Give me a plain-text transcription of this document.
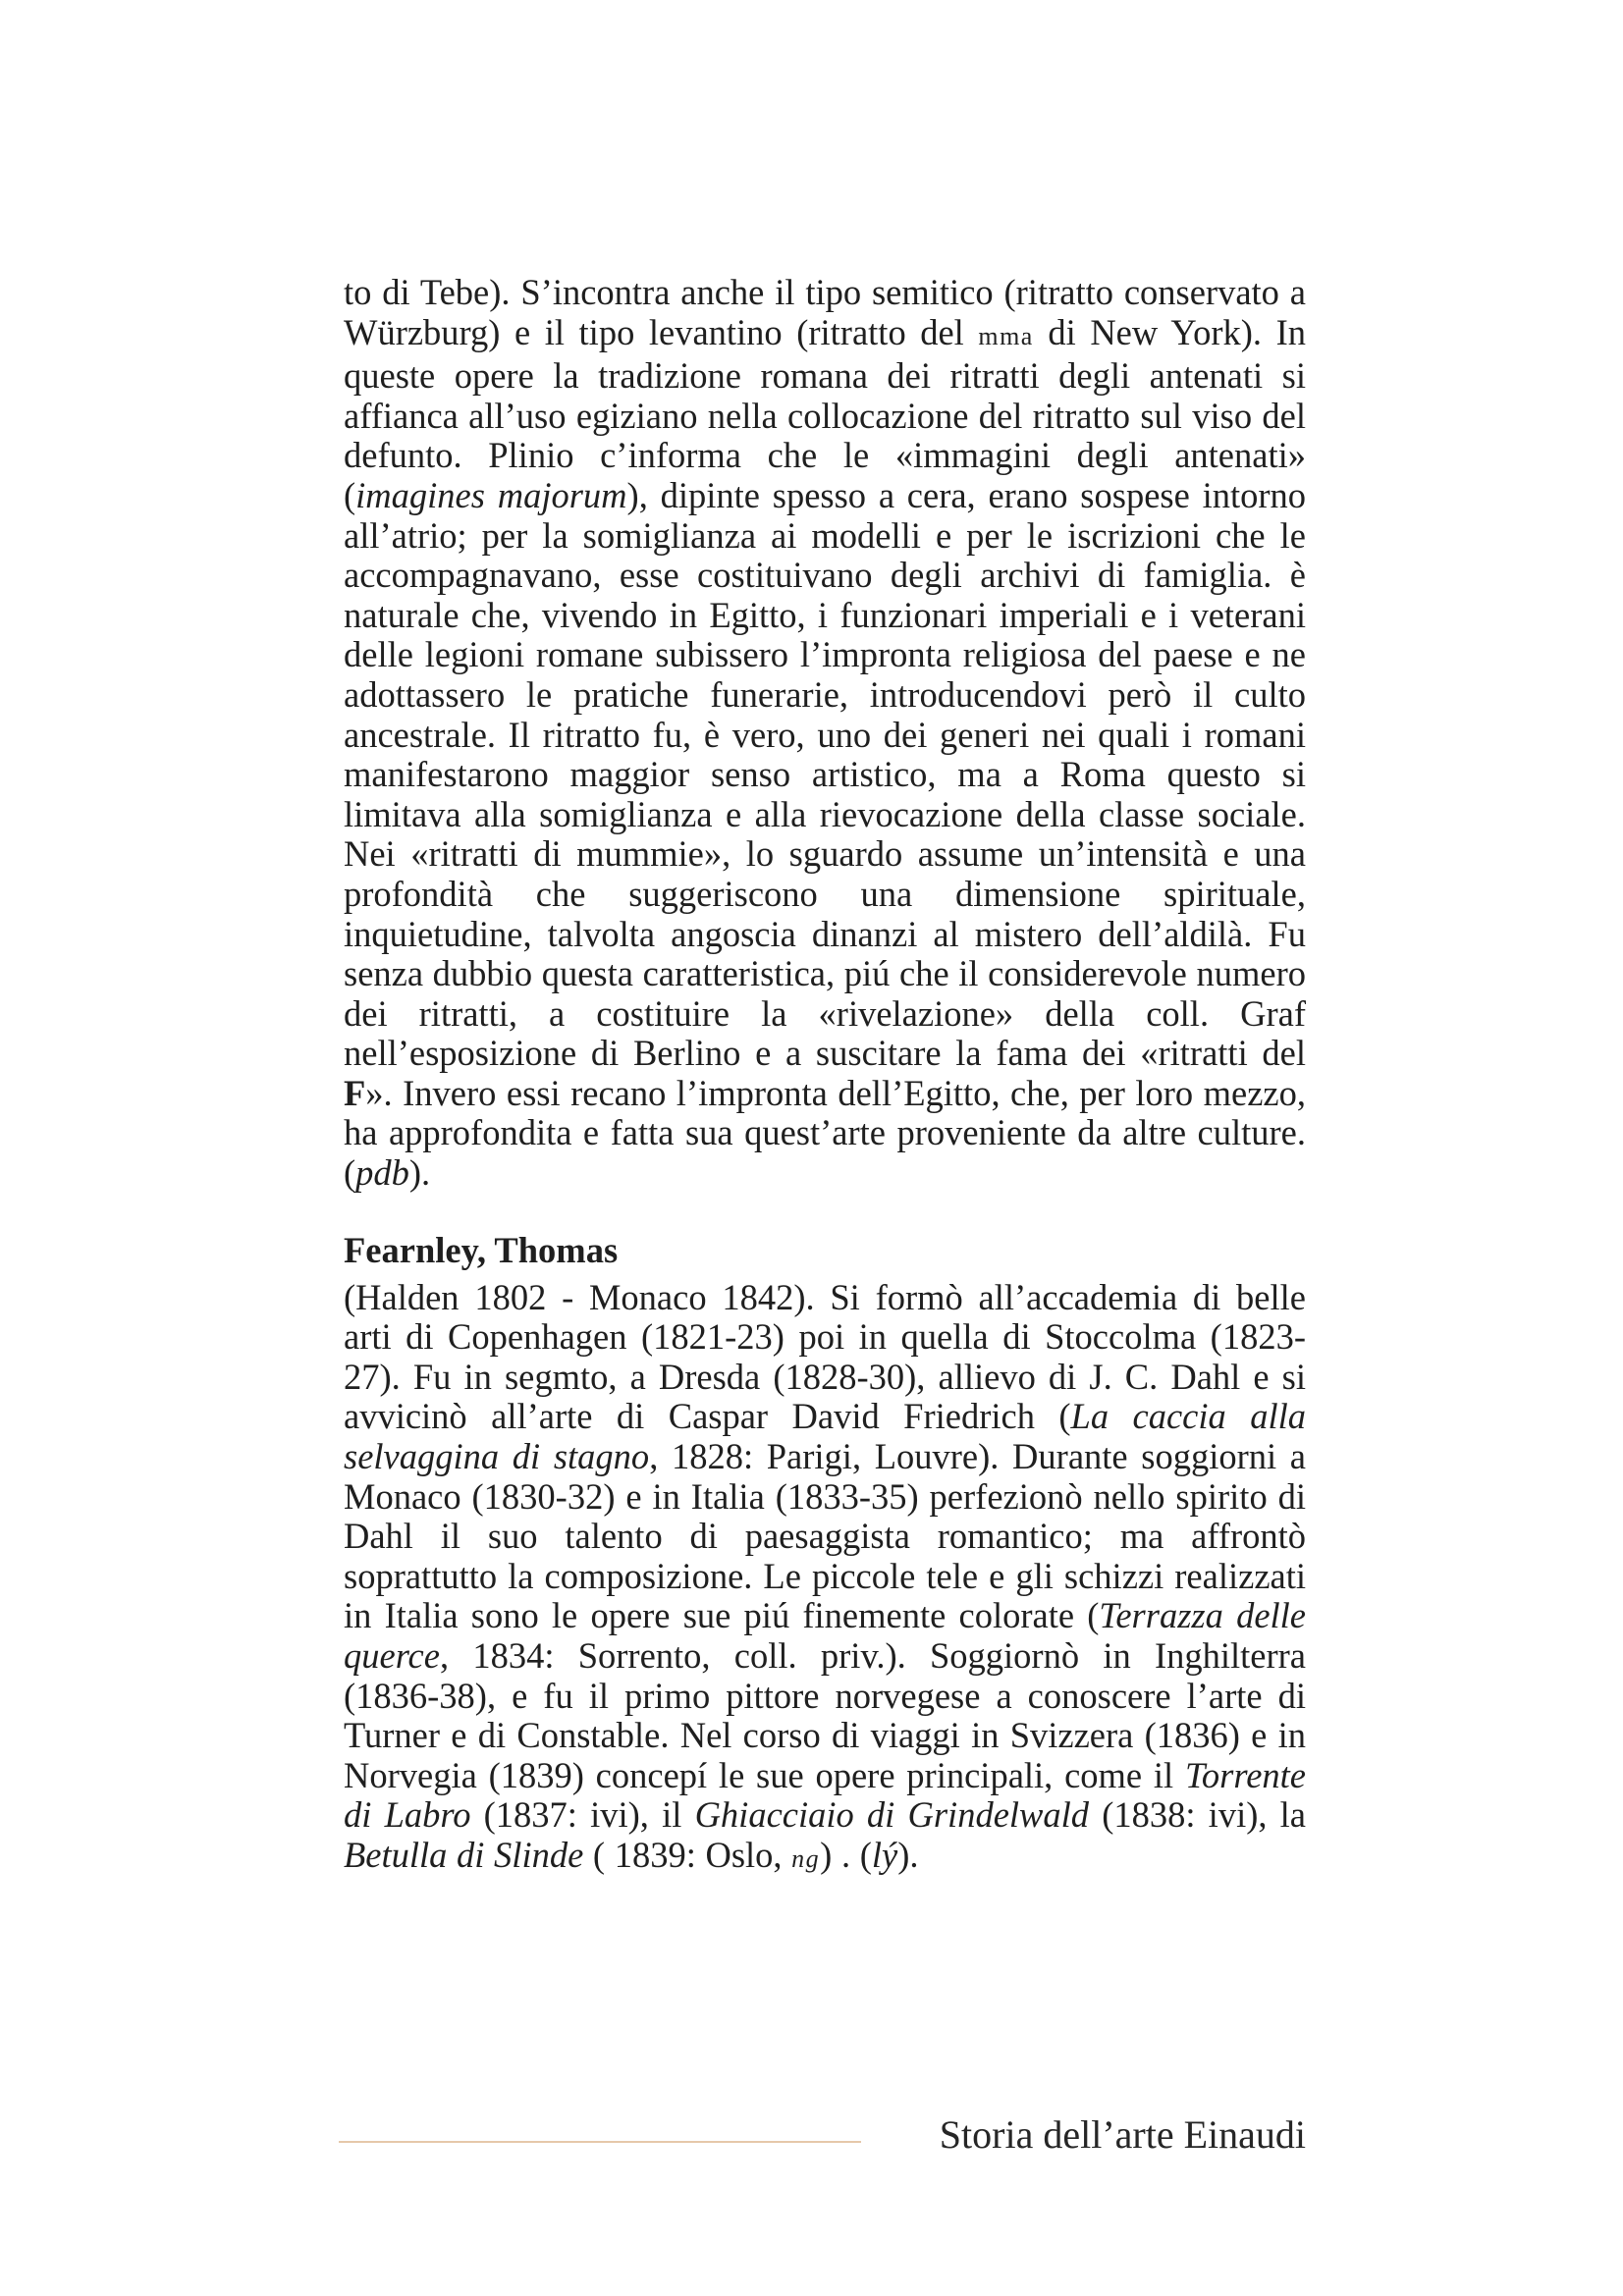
to di Tebe). S’incontra anche il tipo semitico (ritratto conservato a Würzburg) e il tipo levantino (ritratto del mma di New York). In queste opere la tradizione romana dei ritratti degli antenati si affianca all’uso egiziano nella collocazione del ritratto sul viso del defunto. Plinio c’informa che le «immagini degli antenati» (imagines majorum), dipinte spesso a cera, erano sospese intorno all’atrio; per la somiglianza ai modelli e per le iscrizioni che le accompagnavano, esse costituivano degli archivi di famiglia. è naturale che, vivendo in Egitto, i funzionari imperiali e i veterani delle legioni romane subissero l’impronta religiosa del paese e ne adottassero le pratiche funerarie, introducendovi però il culto ancestrale. Il ritratto fu, è vero, uno dei generi nei quali i romani manifestarono maggior senso artistico, ma a Roma questo si limitava alla somiglianza e alla rievocazione della classe sociale. Nei «ritratti di mummie», lo sguardo assume un’intensità e una profondità che suggeriscono una dimensione spirituale, inquietudine, talvolta angoscia dinanzi al mistero dell’aldilà. Fu senza dubbio questa caratteristica, piú che il considerevole numero dei ritratti, a costituire la «rivelazione» della coll. Graf nell’esposizione di Berlino e a suscitare la fama dei «ritratti del F». Invero essi recano l’impronta dell’Egitto, che, per loro mezzo, ha approfondita e fatta sua quest’arte proveniente da altre culture. (pdb).

Fearnley, Thomas

(Halden 1802 - Monaco 1842). Si formò all’accademia di belle arti di Copenhagen (1821-23) poi in quella di Stoccolma (1823-27). Fu in segmto, a Dresda (1828-30), allievo di J. C. Dahl e si avvicinò all’arte di Caspar David Friedrich (La caccia alla selvaggina di stagno, 1828: Parigi, Louvre). Durante soggiorni a Monaco (1830-32) e in Italia (1833-35) perfezionò nello spirito di Dahl il suo talento di paesaggista romantico; ma affrontò soprattutto la composizione. Le piccole tele e gli schizzi realizzati in Italia sono le opere sue piú finemente colorate (Terrazza delle querce, 1834: Sorrento, coll. priv.). Soggiornò in Inghilterra (1836-38), e fu il primo pittore norvegese a conoscere l’arte di Turner e di Constable. Nel corso di viaggi in Svizzera (1836) e in Norvegia (1839) concepí le sue opere principali, come il Torrente di Labro (1837: ivi), il Ghiacciaio di Grindelwald (1838: ivi), la Betulla di Slinde ( 1839: Oslo, ng) . (lý).

Storia dell’arte Einaudi
